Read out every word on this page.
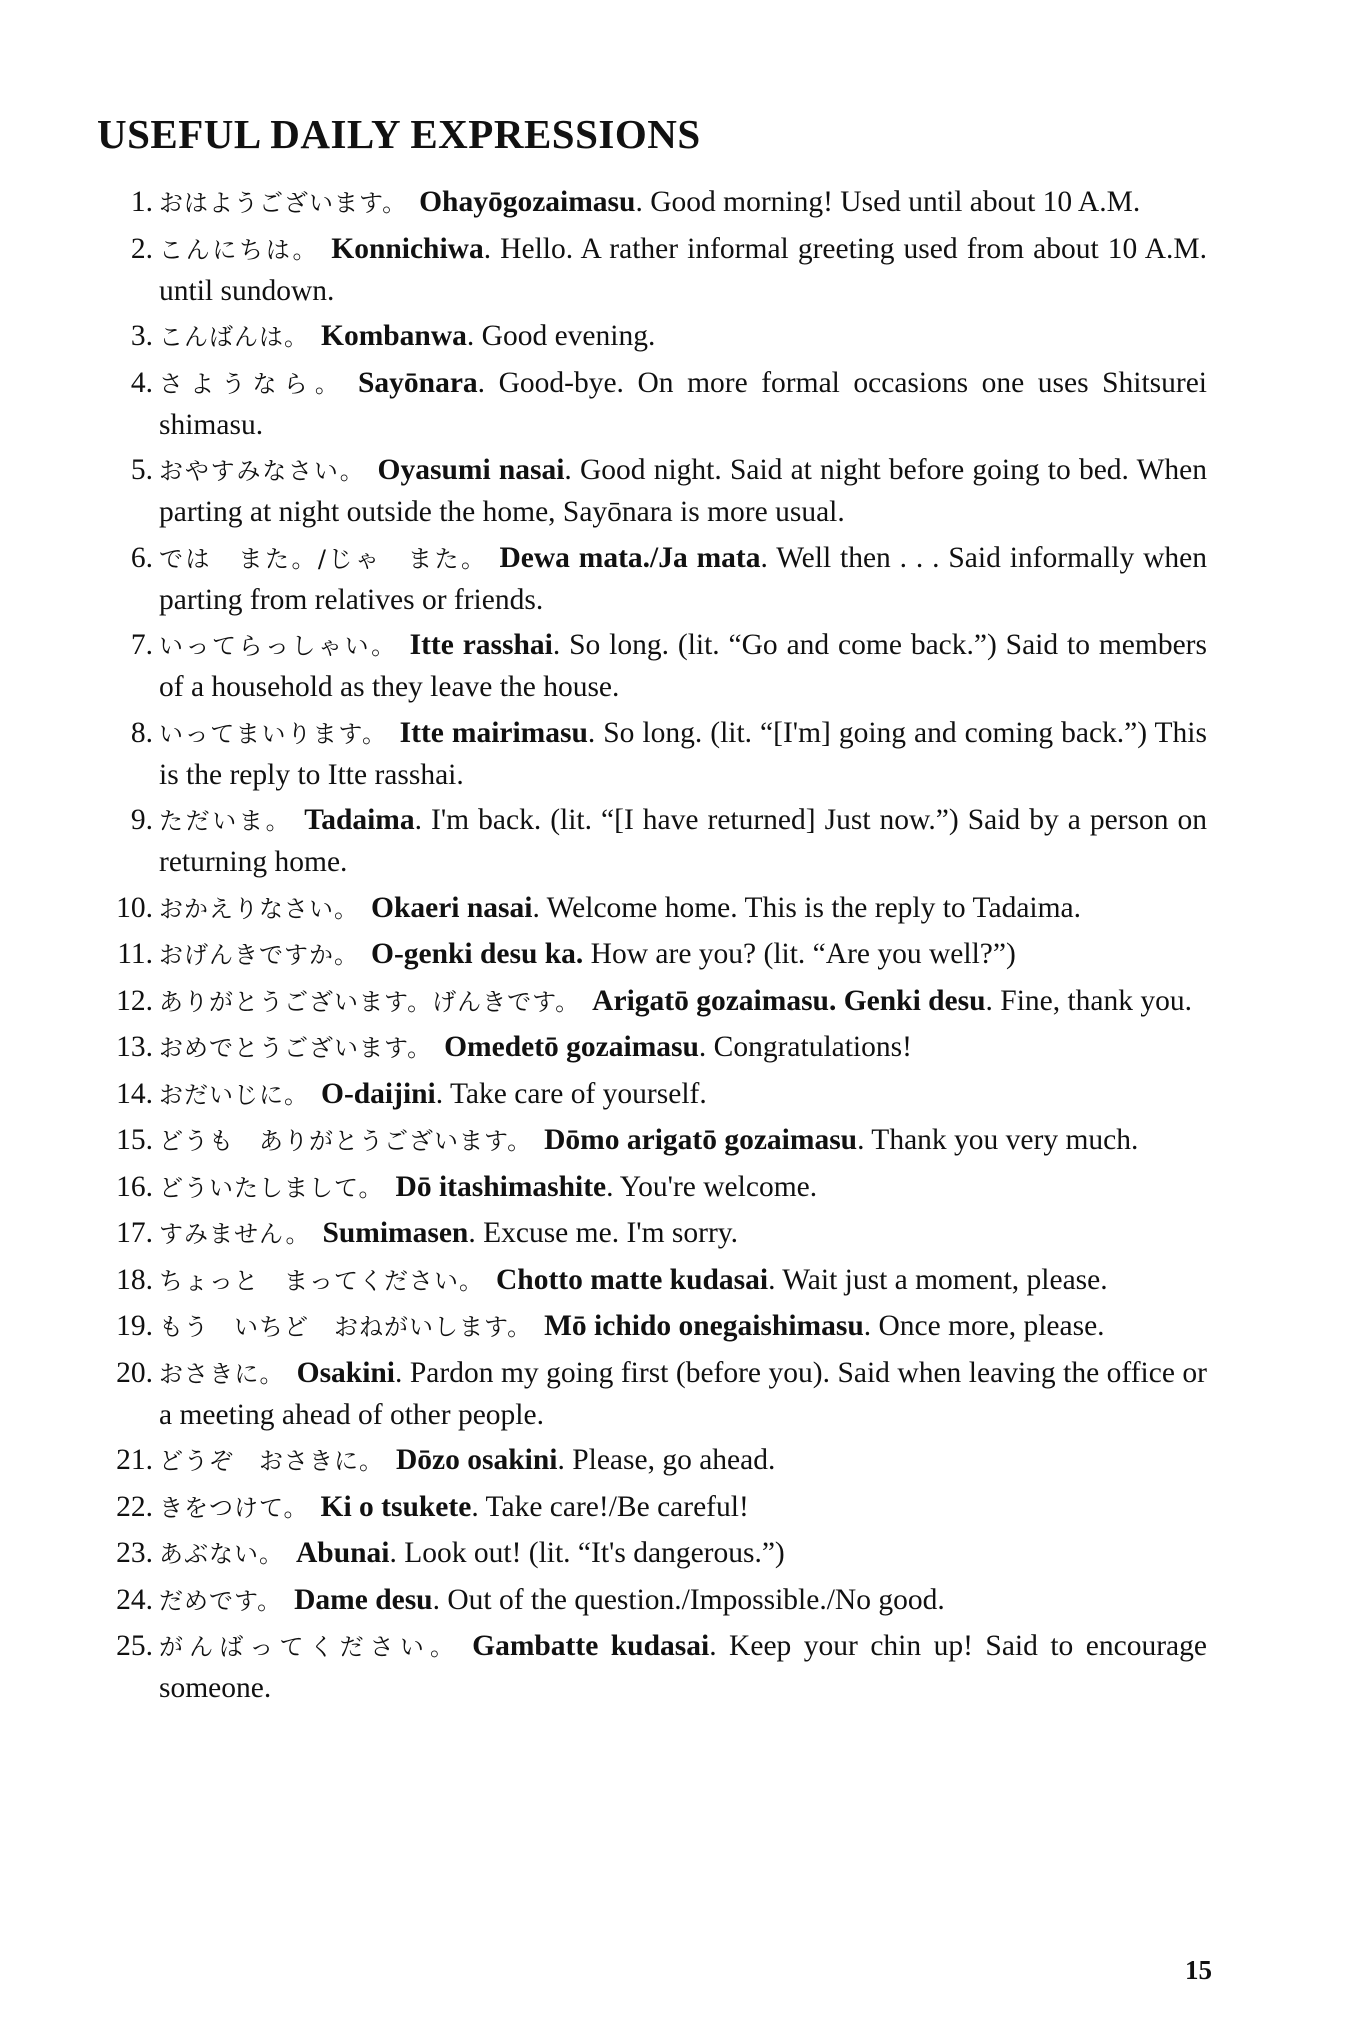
USEFUL DAILY EXPRESSIONS
1. おはようございます。 Ohayōgozaimasu. Good morning! Used until about 10 A.M.
2. こんにちは。 Konnichiwa. Hello. A rather informal greeting used from about 10 A.M. until sundown.
3. こんばんは。 Kombanwa. Good evening.
4. さようなら。 Sayōnara. Good-bye. On more formal occasions one uses Shitsurei shimasu.
5. おやすみなさい。 Oyasumi nasai. Good night. Said at night before going to bed. When parting at night outside the home, Sayōnara is more usual.
6. では　また。/じゃ　また。 Dewa mata./Ja mata. Well then . . . Said informally when parting from relatives or friends.
7. いってらっしゃい。 Itte rasshai. So long. (lit. “Go and come back.”) Said to members of a household as they leave the house.
8. いってまいります。 Itte mairimasu. So long. (lit. “[I'm] going and coming back.”) This is the reply to Itte rasshai.
9. ただいま。 Tadaima. I'm back. (lit. “[I have returned] Just now.”) Said by a person on returning home.
10. おかえりなさい。 Okaeri nasai. Welcome home. This is the reply to Tadaima.
11. おげんきですか。 O-genki desu ka. How are you? (lit. “Are you well?”)
12. ありがとうございます。げんきです。 Arigatō gozaimasu. Genki desu. Fine, thank you.
13. おめでとうございます。 Omedetō gozaimasu. Congratulations!
14. おだいじに。 O-daijini. Take care of yourself.
15. どうも　ありがとうございます。 Dōmo arigatō gozaimasu. Thank you very much.
16. どういたしまして。 Dō itashimashite. You're welcome.
17. すみません。 Sumimasen. Excuse me. I'm sorry.
18. ちょっと　まってください。 Chotto matte kudasai. Wait just a moment, please.
19. もう　いちど　おねがいします。 Mō ichido onegaishimasu. Once more, please.
20. おさきに。 Osakini. Pardon my going first (before you). Said when leaving the office or a meeting ahead of other people.
21. どうぞ　おさきに。 Dōzo osakini. Please, go ahead.
22. きをつけて。 Ki o tsukete. Take care!/Be careful!
23. あぶない。 Abunai. Look out! (lit. “It's dangerous.”)
24. だめです。 Dame desu. Out of the question./Impossible./No good.
25. がんばってください。 Gambatte kudasai. Keep your chin up! Said to encourage someone.
15
